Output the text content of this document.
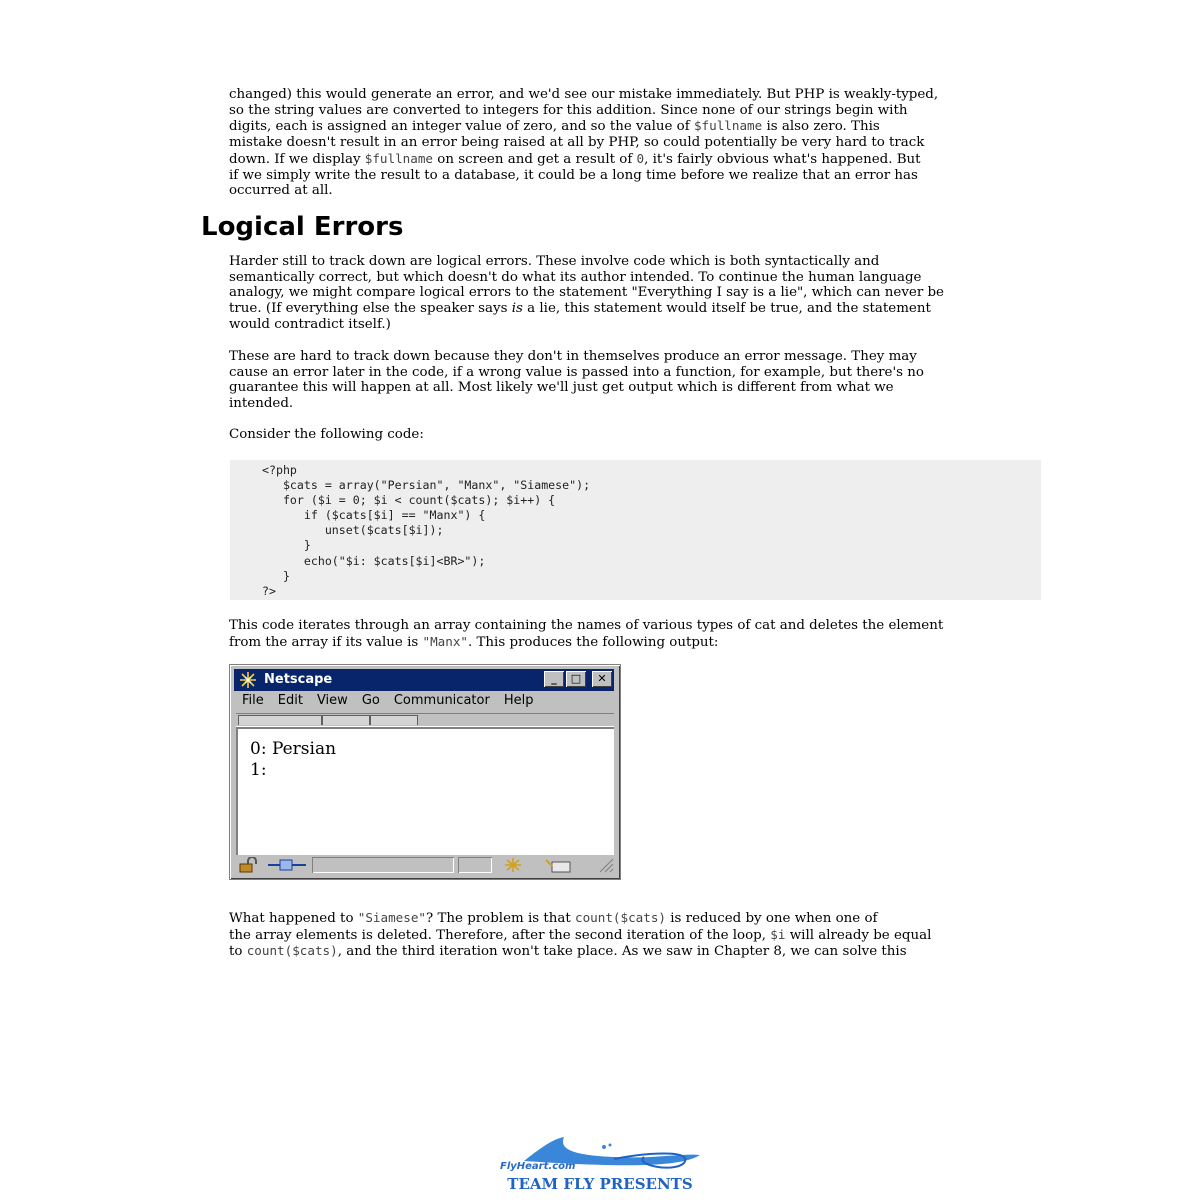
changed) this would generate an error, and we'd see our mistake immediately. But PHP is weakly-typed,
so the string values are converted to integers for this addition. Since none of our strings begin with
digits, each is assigned an integer value of zero, and so the value of $fullname is also zero. This
mistake doesn't result in an error being raised at all by PHP, so could potentially be very hard to track
down. If we display $fullname on screen and get a result of 0, it's fairly obvious what's happened. But
if we simply write the result to a database, it could be a long time before we realize that an error has
occurred at all.
Logical Errors
Harder still to track down are logical errors. These involve code which is both syntactically and
semantically correct, but which doesn't do what its author intended. To continue the human language
analogy, we might compare logical errors to the statement "Everything I say is a lie", which can never be
true. (If everything else the speaker says is a lie, this statement would itself be true, and the statement
would contradict itself.)
These are hard to track down because they don't in themselves produce an error message. They may
cause an error later in the code, if a wrong value is passed into a function, for example, but there's no
guarantee this will happen at all. Most likely we'll just get output which is different from what we
intended.
Consider the following code:
<?php
$cats = array("Persian", "Manx", "Siamese");
for ($i = 0; $i < count($cats); $i++) {
if ($cats[$i] == "Manx") {
unset($cats[$i]);
}
echo("$i: $cats[$i]<BR>");
}
?>
This code iterates through an array containing the names of various types of cat and deletes the element
from the array if its value is "Manx". This produces the following output:
Netscape	_	□	✕
File Edit View Go Communicator Help
0: Persian
1:
What happened to "Siamese"? The problem is that count($cats) is reduced by one when one of
the array elements is deleted. Therefore, after the second iteration of the loop, $i will already be equal
to count($cats), and the third iteration won't take place. As we saw in Chapter 8, we can solve this
FlyHeart.com
TEAM FLY PRESENTS
